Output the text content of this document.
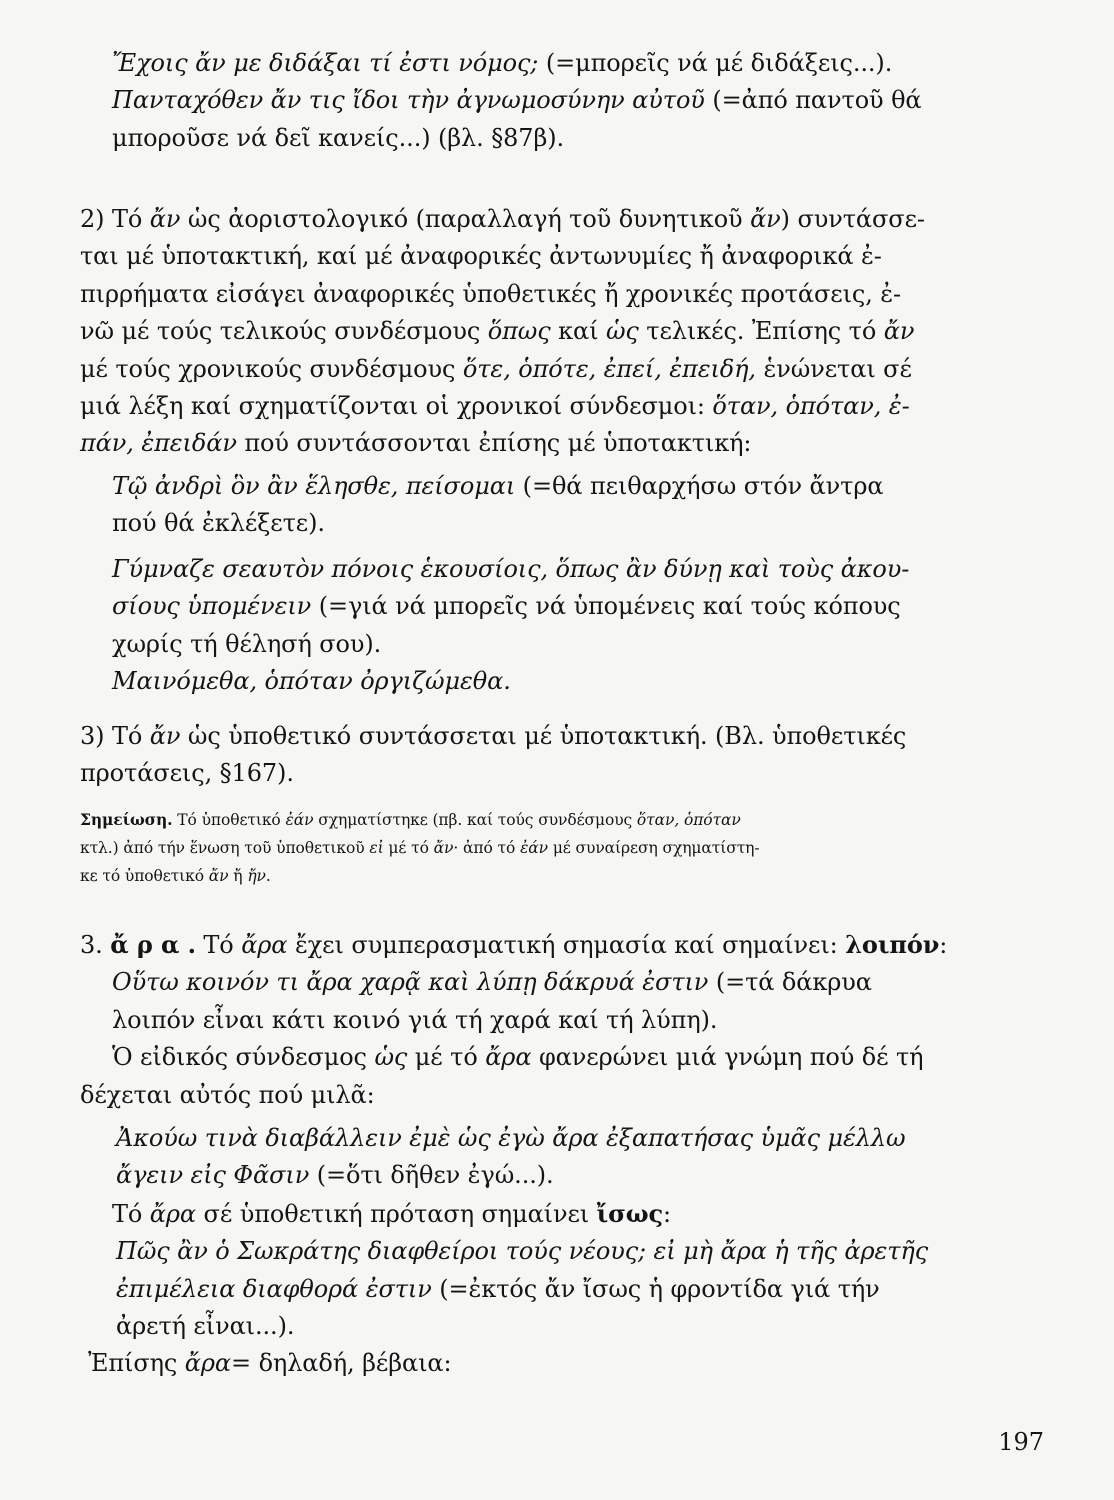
Ἔχοις ἄν με διδάξαι τί ἐστι νόμος; (=μπορεῖς νά μέ διδάξεις...).
Πανταχόθεν ἄν τις ἴδοι τὴν ἀγνωμοσύνην αὐτοῦ (=ἀπό παντοῦ θά
μποροῦσε νά δεῖ κανείς...) (βλ. §87β).
2) Τό ἄν ὡς ἀοριστολογικό (παραλλαγή τοῦ δυνητικοῦ ἄν) συντάσσε-
ται μέ ὑποτακτική, καί μέ ἀναφορικές ἀντωνυμίες ἤ ἀναφορικά ἐ-
πιρρήματα εἰσάγει ἀναφορικές ὑποθετικές ἤ χρονικές προτάσεις, ἐ-
νῶ μέ τούς τελικούς συνδέσμους ὅπως καί ὡς τελικές. Ἐπίσης τό ἄν
μέ τούς χρονικούς συνδέσμους ὅτε, ὁπότε, ἐπεί, ἐπειδή, ἑνώνεται σέ
μιά λέξη καί σχηματίζονται οἱ χρονικοί σύνδεσμοι: ὅταν, ὁπόταν, ἐ-
πάν, ἐπειδάν πού συντάσσονται ἐπίσης μέ ὑποτακτική:
Τῷ ἀνδρὶ ὃν ἂν ἕλησθε, πείσομαι (=θά πειθαρχήσω στόν ἄντρα
πού θά ἐκλέξετε).
Γύμναζε σεαυτὸν πόνοις ἑκουσίοις, ὅπως ἂν δύνῃ καὶ τοὺς ἀκου-
σίους ὑπομένειν (=γιά νά μπορεῖς νά ὑπομένεις καί τούς κόπους
χωρίς τή θέλησή σου).
Μαινόμεθα, ὁπόταν ὀργιζώμεθα.
3) Τό ἄν ὡς ὑποθετικό συντάσσεται μέ ὑποτακτική. (Βλ. ὑποθετικές
προτάσεις, §167).
Σημείωση. Τό ὑποθετικό ἐάν σχηματίστηκε (πβ. καί τούς συνδέσμους ὅταν, ὁπόταν
κτλ.) ἀπό τήν ἕνωση τοῦ ὑποθετικοῦ εἰ μέ τό ἄν· ἀπό τό ἐάν μέ συναίρεση σχηματίστη-
κε τό ὑποθετικό ἄν ἤ ἤν.
3. ἄ ρ α . Τό ἄρα ἔχει συμπερασματική σημασία καί σημαίνει: λοιπόν:
Οὕτω κοινόν τι ἄρα χαρᾷ καὶ λύπῃ δάκρυά ἐστιν (=τά δάκρυα
λοιπόν εἶναι κάτι κοινό γιά τή χαρά καί τή λύπη).
Ὁ εἰδικός σύνδεσμος ὡς μέ τό ἄρα φανερώνει μιά γνώμη πού δέ τή
δέχεται αὐτός πού μιλᾶ:
Ἀκούω τινὰ διαβάλλειν ἐμὲ ὡς ἐγὼ ἄρα ἐξαπατήσας ὑμᾶς μέλλω
ἄγειν εἰς Φᾶσιν (=ὅτι δῆθεν ἐγώ...).
Τό ἄρα σέ ὑποθετική πρόταση σημαίνει ἴσως:
Πῶς ἂν ὁ Σωκράτης διαφθείροι τούς νέους; εἰ μὴ ἄρα ἡ τῆς ἀρετῆς
ἐπιμέλεια διαφθορά ἐστιν (=ἐκτός ἄν ἴσως ἡ φροντίδα γιά τήν
ἀρετή εἶναι...).
Ἐπίσης ἄρα= δηλαδή, βέβαια:
197
